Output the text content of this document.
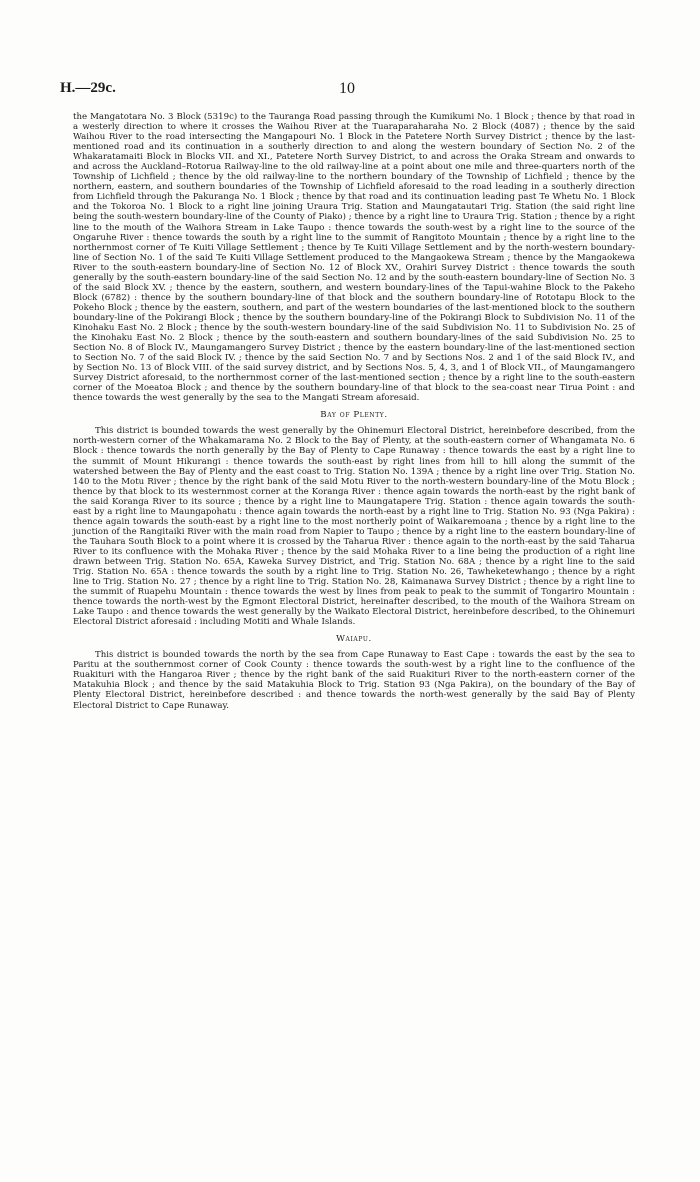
H.—29c.	10

the Mangatotara No. 3 Block (5319c) to the Tauranga Road passing through the Kumikumi No. 1 Block ; thence by that road in a westerly direction to where it crosses the Waihou River at the Tuaraparaharaha No. 2 Block (4087) ; thence by the said Waihou River to the road intersecting the Mangapouri No. 1 Block in the Patetere North Survey District ; thence by the last-mentioned road and its continuation in a southerly direction to and along the western boundary of Section No. 2 of the Whakaratamaiti Block in Blocks VII. and XI., Patetere North Survey District, to and across the Oraka Stream and onwards to and across the Auckland–Rotorua Railway-line to the old railway-line at a point about one mile and three-quarters north of the Township of Lichfield ; thence by the old railway-line to the northern boundary of the Township of Lichfield ; thence by the northern, eastern, and southern boundaries of the Township of Lichfield aforesaid to the road leading in a southerly direction from Lichfield through the Pakuranga No. 1 Block ; thence by that road and its continuation leading past Te Whetu No. 1 Block and the Tokoroa No. 1 Block to a right line joining Uraura Trig. Station and Maungatautari Trig. Station (the said right line being the south-western boundary-line of the County of Piako) ; thence by a right line to Uraura Trig. Station ; thence by a right line to the mouth of the Waihora Stream in Lake Taupo : thence towards the south-west by a right line to the source of the Ongaruhe River : thence towards the south by a right line to the summit of Rangitoto Mountain ; thence by a right line to the northernmost corner of Te Kuiti Village Settlement ; thence by Te Kuiti Village Settlement and by the north-western boundary-line of Section No. 1 of the said Te Kuiti Village Settlement produced to the Mangaokewa Stream ; thence by the Mangaokewa River to the south-eastern boundary-line of Section No. 12 of Block XV., Orahiri Survey District : thence towards the south generally by the south-eastern boundary-line of the said Section No. 12 and by the south-eastern boundary-line of Section No. 3 of the said Block XV. ; thence by the eastern, southern, and western boundary-lines of the Tapui-wahine Block to the Pakeho Block (6782) : thence by the southern boundary-line of that block and the southern boundary-line of Rototapu Block to the Pokeho Block ; thence by the eastern, southern, and part of the western boundaries of the last-mentioned block to the southern boundary-line of the Pokirangi Block ; thence by the southern boundary-line of the Pokirangi Block to Subdivision No. 11 of the Kinohaku East No. 2 Block ; thence by the south-western boundary-line of the said Subdivision No. 11 to Subdivision No. 25 of the Kinohaku East No. 2 Block ; thence by the south-eastern and southern boundary-lines of the said Subdivision No. 25 to Section No. 8 of Block IV., Maungamangero Survey District ; thence by the eastern boundary-line of the last-mentioned section to Section No. 7 of the said Block IV. ; thence by the said Section No. 7 and by Sections Nos. 2 and 1 of the said Block IV., and by Section No. 13 of Block VIII. of the said survey district, and by Sections Nos. 5, 4, 3, and 1 of Block VII., of Maungamangero Survey District aforesaid, to the northernmost corner of the last-mentioned section ; thence by a right line to the south-eastern corner of the Moeatoa Block ; and thence by the southern boundary-line of that block to the sea-coast near Tirua Point : and thence towards the west generally by the sea to the Mangati Stream aforesaid.

Bay of Plenty.

This district is bounded towards the west generally by the Ohinemuri Electoral District, hereinbefore described, from the north-western corner of the Whakamarama No. 2 Block to the Bay of Plenty, at the south-eastern corner of Whangamata No. 6 Block : thence towards the north generally by the Bay of Plenty to Cape Runaway : thence towards the east by a right line to the summit of Mount Hikurangi : thence towards the south-east by right lines from hill to hill along the summit of the watershed between the Bay of Plenty and the east coast to Trig. Station No. 139A ; thence by a right line over Trig. Station No. 140 to the Motu River ; thence by the right bank of the said Motu River to the north-western boundary-line of the Motu Block ; thence by that block to its westernmost corner at the Koranga River : thence again towards the north-east by the right bank of the said Koranga River to its source ; thence by a right line to Maungatapere Trig. Station : thence again towards the south-east by a right line to Maungapohatu : thence again towards the north-east by a right line to Trig. Station No. 93 (Nga Pakira) : thence again towards the south-east by a right line to the most northerly point of Waikaremoana ; thence by a right line to the junction of the Rangitaiki River with the main road from Napier to Taupo ; thence by a right line to the eastern boundary-line of the Tauhara South Block to a point where it is crossed by the Taharua River : thence again to the north-east by the said Taharua River to its confluence with the Mohaka River ; thence by the said Mohaka River to a line being the production of a right line drawn between Trig. Station No. 65A, Kaweka Survey District, and Trig. Station No. 68A ; thence by a right line to the said Trig. Station No. 65A : thence towards the south by a right line to Trig. Station No. 26, Tawheketewhango ; thence by a right line to Trig. Station No. 27 ; thence by a right line to Trig. Station No. 28, Kaimanawa Survey District ; thence by a right line to the summit of Ruapehu Mountain : thence towards the west by lines from peak to peak to the summit of Tongariro Mountain : thence towards the north-west by the Egmont Electoral District, hereinafter described, to the mouth of the Waihora Stream on Lake Taupo : and thence towards the west generally by the Waikato Electoral District, hereinbefore described, to the Ohinemuri Electoral District aforesaid : including Motiti and Whale Islands.

Waiapu.

This district is bounded towards the north by the sea from Cape Runaway to East Cape : towards the east by the sea to Paritu at the southernmost corner of Cook County : thence towards the south-west by a right line to the confluence of the Ruakituri with the Hangaroa River ; thence by the right bank of the said Ruakituri River to the north-eastern corner of the Matakuhia Block ; and thence by the said Matakuhia Block to Trig. Station 93 (Nga Pakira), on the boundary of the Bay of Plenty Electoral District, hereinbefore described : and thence towards the north-west generally by the said Bay of Plenty Electoral District to Cape Runaway.
